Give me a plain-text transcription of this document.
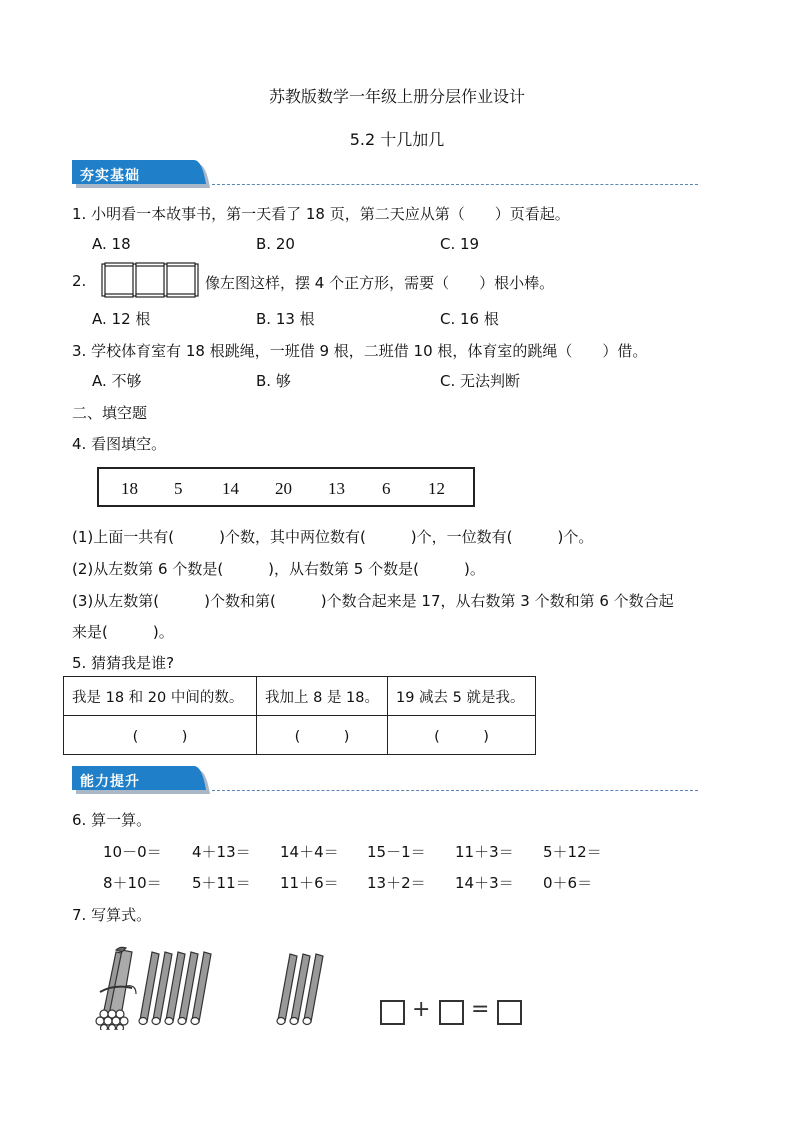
苏教版数学一年级上册分层作业设计
5.2 十几加几
夯实基础
1. 小明看一本故事书，第一天看了 18 页，第二天应从第（　　）页看起。
A. 18	B. 20	C. 19
2.	像左图这样，摆 4 个正方形，需要（　　）根小棒。
A. 12 根	B. 13 根	C. 16 根
3. 学校体育室有 18 根跳绳，一班借 9 根，二班借 10 根，体育室的跳绳（　　）借。
A. 不够	B. 够	C. 无法判断
二、填空题
4. 看图填空。
18 5 14 20 13 6 12
(1)上面一共有(　　　)个数，其中两位数有(　　　)个，一位数有(　　　)个。
(2)从左数第 6 个数是(　　　)，从右数第 5 个数是(　　　)。
(3)从左数第(　　　)个数和第(　　　)个数合起来是 17，从右数第 3 个数和第 6 个数合起
来是(　　　)。
5. 猜猜我是谁?
我是 18 和 20 中间的数。	我加上 8 是 18。	19 减去 5 就是我。
(　　　)	(　　　)	(　　　)
能力提升
6. 算一算。
10－0＝ 4＋13＝ 14＋4＝ 15－1＝ 11＋3＝ 5＋12＝
8＋10＝ 5＋11＝ 11＋6＝ 13＋2＝ 14＋3＝ 0＋6＝
7. 写算式。
+ =
